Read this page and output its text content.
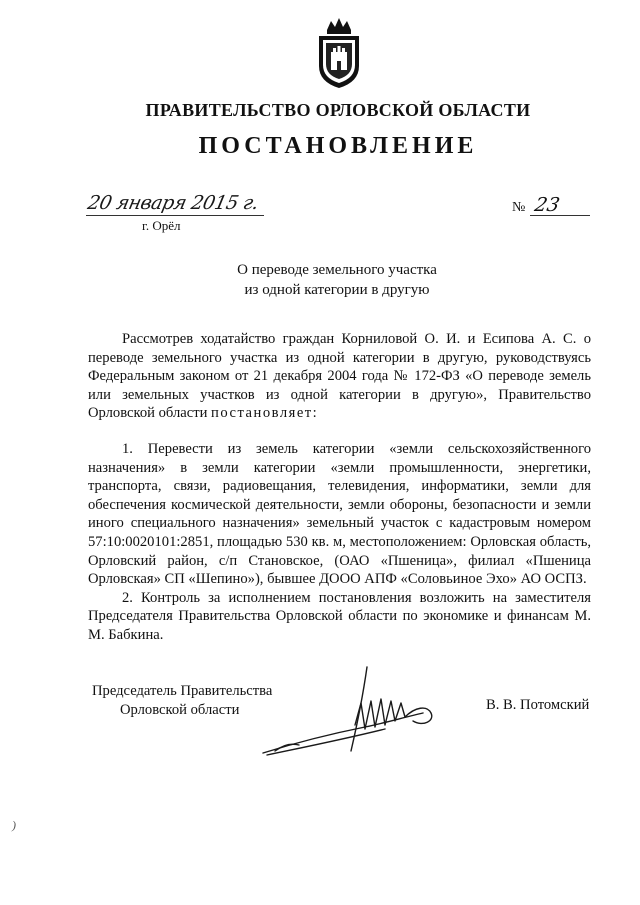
ПРАВИТЕЛЬСТВО ОРЛОВСКОЙ ОБЛАСТИ
ПОСТАНОВЛЕНИЕ
20 января 2015 г.
г. Орёл
№ 23
О переводе земельного участка
из одной категории в другую

Рассмотрев ходатайство граждан Корниловой О. И. и Есипова А. С. о переводе земельного участка из одной категории в другую, руководствуясь Федеральным законом от 21 декабря 2004 года № 172-ФЗ «О переводе земель или земельных участков из одной категории в другую», Правительство Орловской области постановляет:

1. Перевести из земель категории «земли сельскохозяйственного назначения» в земли категории «земли промышленности, энергетики, транспорта, связи, радиовещания, телевидения, информатики, земли для обеспечения космической деятельности, земли обороны, безопасности и земли иного специального назначения» земельный участок с кадастровым номером 57:10:0020101:2851, площадью 530 кв. м, местоположением: Орловская область, Орловский район, с/п Становское, (ОАО «Пшеница», филиал «Пшеница Орловская» СП «Шепино»), бывшее ДООО АПФ «Соловьиное Эхо» АО ОСПЗ.

2. Контроль за исполнением постановления возложить на заместителя Председателя Правительства Орловской области по экономике и финансам М. М. Бабкина.

Председатель Правительства
Орловской области	В. В. Потомский
)
